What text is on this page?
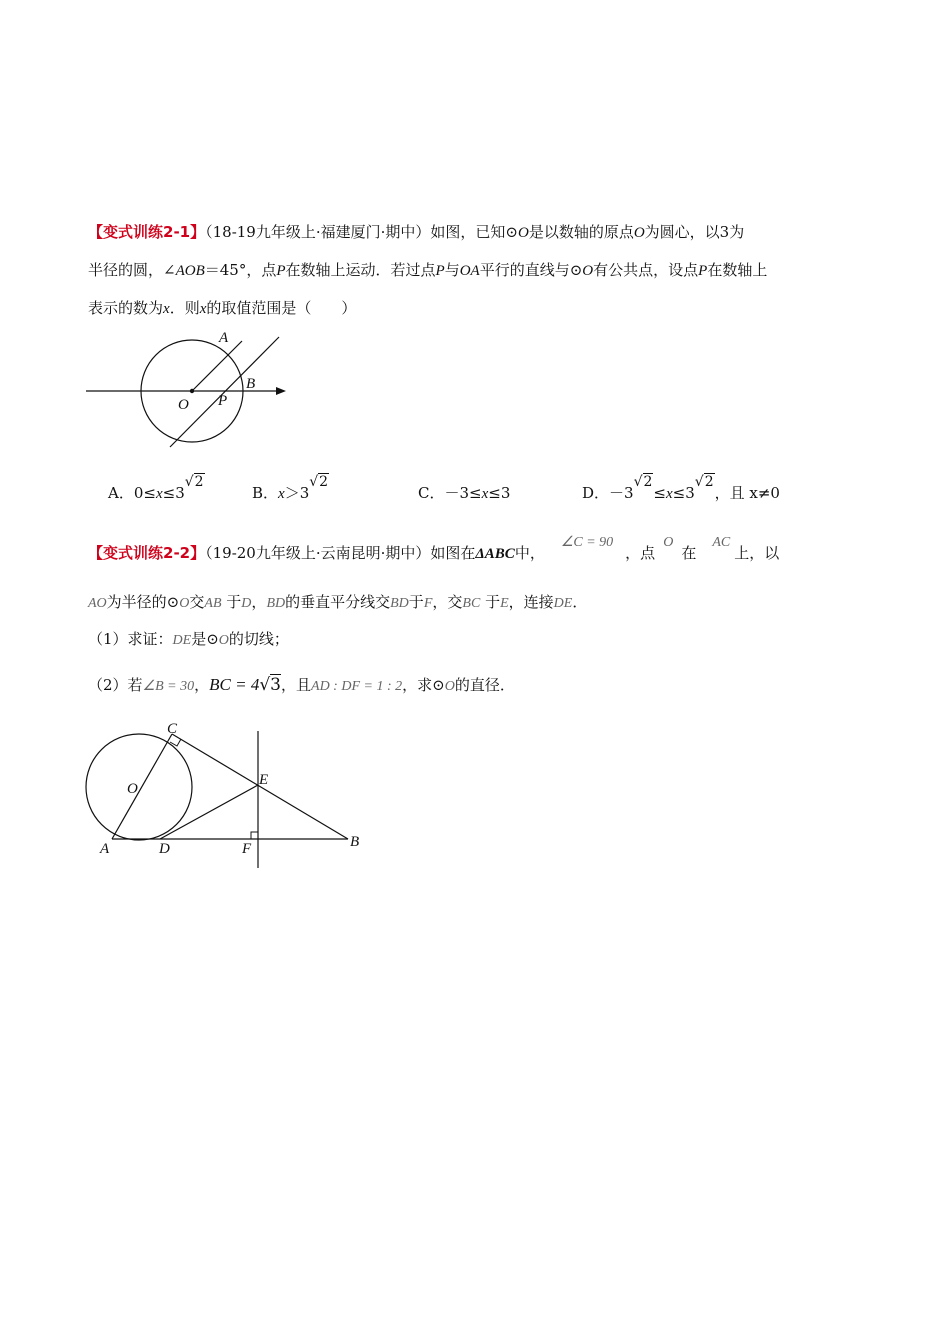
【变式训练2-1】（18-19九年级上·福建厦门·期中）如图，已知⊙O是以数轴的原点O为圆心，以3为
半径的圆，∠AOB＝45°，点P在数轴上运动．若过点P与OA平行的直线与⊙O有公共点，设点P在数轴上
表示的数为x．则x的取值范围是（　　）
A
B
O P
A．0≤x≤3√2
B．x＞3√2
C．－3≤x≤3	D．－3√2≤x≤3√2，且 x≠0
【变式训练2-2】（19-20九年级上·云南昆明·期中）如图在ΔABC中，∠C = 90，点O在AC上，以
AO为半径的⊙O交AB 于D，BD的垂直平分线交BD于F，交BC 于E，连接DE．
（1）求证：DE是⊙O的切线；
（2）若∠B = 30，BC = 4√3，且AD : DF = 1 : 2，求⊙O的直径．
C
O
E
A	D	F	B
